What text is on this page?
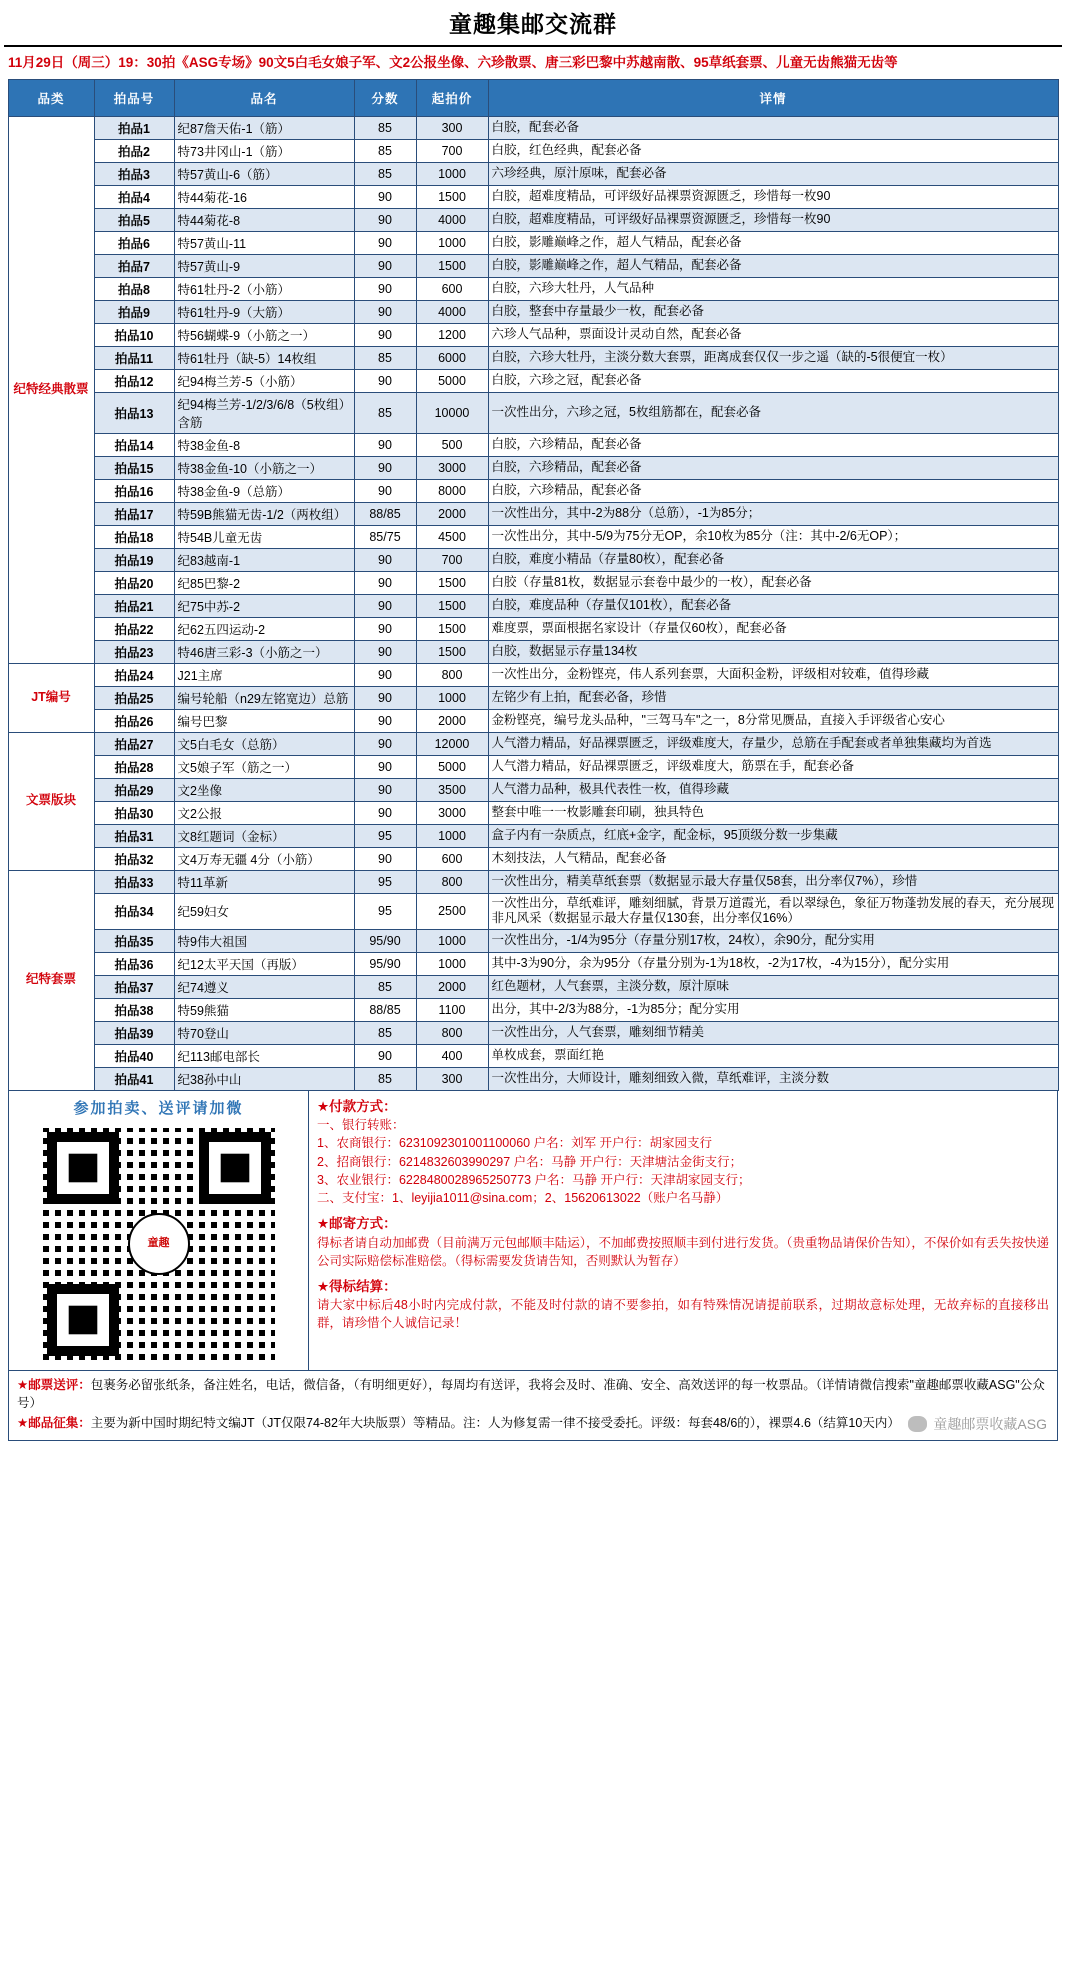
童趣集邮交流群
11月29日（周三）19：30拍《ASG专场》90文5白毛女娘子军、文2公报坐像、六珍散票、唐三彩巴黎中苏越南散、95草纸套票、儿童无齿熊猫无齿等
品类	拍品号	品名	分数	起拍价	详情
纪特经典散票	拍品1	纪87詹天佑-1（筋）	85	300	白胶，配套必备
	拍品2	特73井冈山-1（筋）	85	700	白胶，红色经典，配套必备
	拍品3	特57黄山-6（筋）	85	1000	六珍经典，原汁原味，配套必备
	拍品4	特44菊花-16	90	1500	白胶，超难度精品，可评级好品裸票资源匮乏，珍惜每一枚90
	拍品5	特44菊花-8	90	4000	白胶，超难度精品，可评级好品裸票资源匮乏，珍惜每一枚90
	拍品6	特57黄山-11	90	1000	白胶，影雕巅峰之作，超人气精品，配套必备
	拍品7	特57黄山-9	90	1500	白胶，影雕巅峰之作，超人气精品，配套必备
	拍品8	特61牡丹-2（小筋）	90	600	白胶，六珍大牡丹，人气品种
	拍品9	特61牡丹-9（大筋）	90	4000	白胶，整套中存量最少一枚，配套必备
	拍品10	特56蝴蝶-9（小筋之一）	90	1200	六珍人气品种，票面设计灵动自然，配套必备
	拍品11	特61牡丹（缺-5）14枚组	85	6000	白胶，六珍大牡丹，主淡分数大套票，距离成套仅仅一步之遥（缺的-5很便宜一枚）
	拍品12	纪94梅兰芳-5（小筋）	90	5000	白胶，六珍之冠，配套必备
	拍品13	纪94梅兰芳-1/2/3/6/8（5枚组）含筋	85	10000	一次性出分，六珍之冠，5枚组筋都在，配套必备
	拍品14	特38金鱼-8	90	500	白胶，六珍精品，配套必备
	拍品15	特38金鱼-10（小筋之一）	90	3000	白胶，六珍精品，配套必备
	拍品16	特38金鱼-9（总筋）	90	8000	白胶，六珍精品，配套必备
	拍品17	特59B熊猫无齿-1/2（两枚组）	88/85	2000	一次性出分，其中-2为88分（总筋），-1为85分；
	拍品18	特54B儿童无齿	85/75	4500	一次性出分，其中-5/9为75分无OP，余10枚为85分（注：其中-2/6无OP）；
	拍品19	纪83越南-1	90	700	白胶，难度小精品（存量80枚），配套必备
	拍品20	纪85巴黎-2	90	1500	白胶（存量81枚，数据显示套卷中最少的一枚），配套必备
	拍品21	纪75中苏-2	90	1500	白胶，难度品种（存量仅101枚），配套必备
	拍品22	纪62五四运动-2	90	1500	难度票，票面根据名家设计（存量仅60枚），配套必备
	拍品23	特46唐三彩-3（小筋之一）	90	1500	白胶，数据显示存量134枚
JT编号	拍品24	J21主席	90	800	一次性出分，金粉铿亮，伟人系列套票，大面积金粉，评级相对较难，值得珍藏
	拍品25	编号轮船（n29左铭宽边）总筋	90	1000	左铭少有上拍，配套必备，珍惜
	拍品26	编号巴黎	90	2000	金粉铿亮，编号龙头品种，"三驾马车"之一，8分常见赝品，直接入手评级省心安心
文票版块	拍品27	文5白毛女（总筋）	90	12000	人气潜力精品，好品裸票匮乏，评级难度大，存量少，总筋在手配套或者单独集藏均为首选
	拍品28	文5娘子军（筋之一）	90	5000	人气潜力精品，好品裸票匮乏，评级难度大，筋票在手，配套必备
	拍品29	文2坐像	90	3500	人气潜力品种，极具代表性一枚，值得珍藏
	拍品30	文2公报	90	3000	整套中唯一一枚影雕套印刷，独具特色
	拍品31	文8红题词（金标）	95	1000	盒子内有一杂质点，红底+金字，配金标，95顶级分数一步集藏
	拍品32	文4万寿无疆 4分（小筋）	90	600	木刻技法，人气精品，配套必备
纪特套票	拍品33	特11革新	95	800	一次性出分，精美草纸套票（数据显示最大存量仅58套，出分率仅7%），珍惜
	拍品34	纪59妇女	95	2500	一次性出分，草纸难评，雕刻细腻，背景万道霞光，看以翠绿色，象征万物蓬勃发展的春天，充分展现非凡风采（数据显示最大存量仅130套，出分率仅16%）
	拍品35	特9伟大祖国	95/90	1000	一次性出分，-1/4为95分（存量分别17枚，24枚），余90分，配分实用
	拍品36	纪12太平天国（再版）	95/90	1000	其中-3为90分，余为95分（存量分别为-1为18枚，-2为17枚，-4为15分），配分实用
	拍品37	纪74遵义	85	2000	红色题材，人气套票，主淡分数，原汁原味
	拍品38	特59熊猫	88/85	1100	出分，其中-2/3为88分，-1为85分；配分实用
	拍品39	特70登山	85	800	一次性出分，人气套票，雕刻细节精美
	拍品40	纪113邮电部长	90	400	单枚成套，票面红艳
	拍品41	纪38孙中山	85	300	一次性出分，大师设计，雕刻细致入微，草纸难评，主淡分数
参加拍卖、送评请加微
童趣
★付款方式：
一、银行转账：
1、农商银行：6231092301001100060 户名：刘军 开户行：胡家园支行
2、招商银行：6214832603990297 户名：马静 开户行：天津塘沽金街支行；
3、农业银行：6228480028965250773 户名：马静 开户行：天津胡家园支行；
二、支付宝：1、leyijia1011@sina.com；2、15620613022（账户名马静）
★邮寄方式：
得标者请自动加邮费（目前满万元包邮顺丰陆运），不加邮费按照顺丰到付进行发货。（贵重物品请保价告知），不保价如有丢失按快递公司实际赔偿标准赔偿。（得标需要发货请告知，否则默认为暂存）
★得标结算：
请大家中标后48小时内完成付款，不能及时付款的请不要参拍，如有特殊情况请提前联系，过期故意标处理，无故弃标的直接移出群，请珍惜个人诚信记录！
★邮票送评：包裹务必留张纸条，备注姓名，电话，微信备，（有明细更好），每周均有送评，我将会及时、准确、安全、高效送评的每一枚票品。（详情请微信搜索"童趣邮票收藏ASG"公众号）
★邮品征集：主要为新中国时期纪特文编JT（JT仅限74-82年大块版票）等精品。注：人为修复需一律不接受委托。评级：每套48/6的），裸票4.6（结算10天内）	童趣邮票收藏ASG
